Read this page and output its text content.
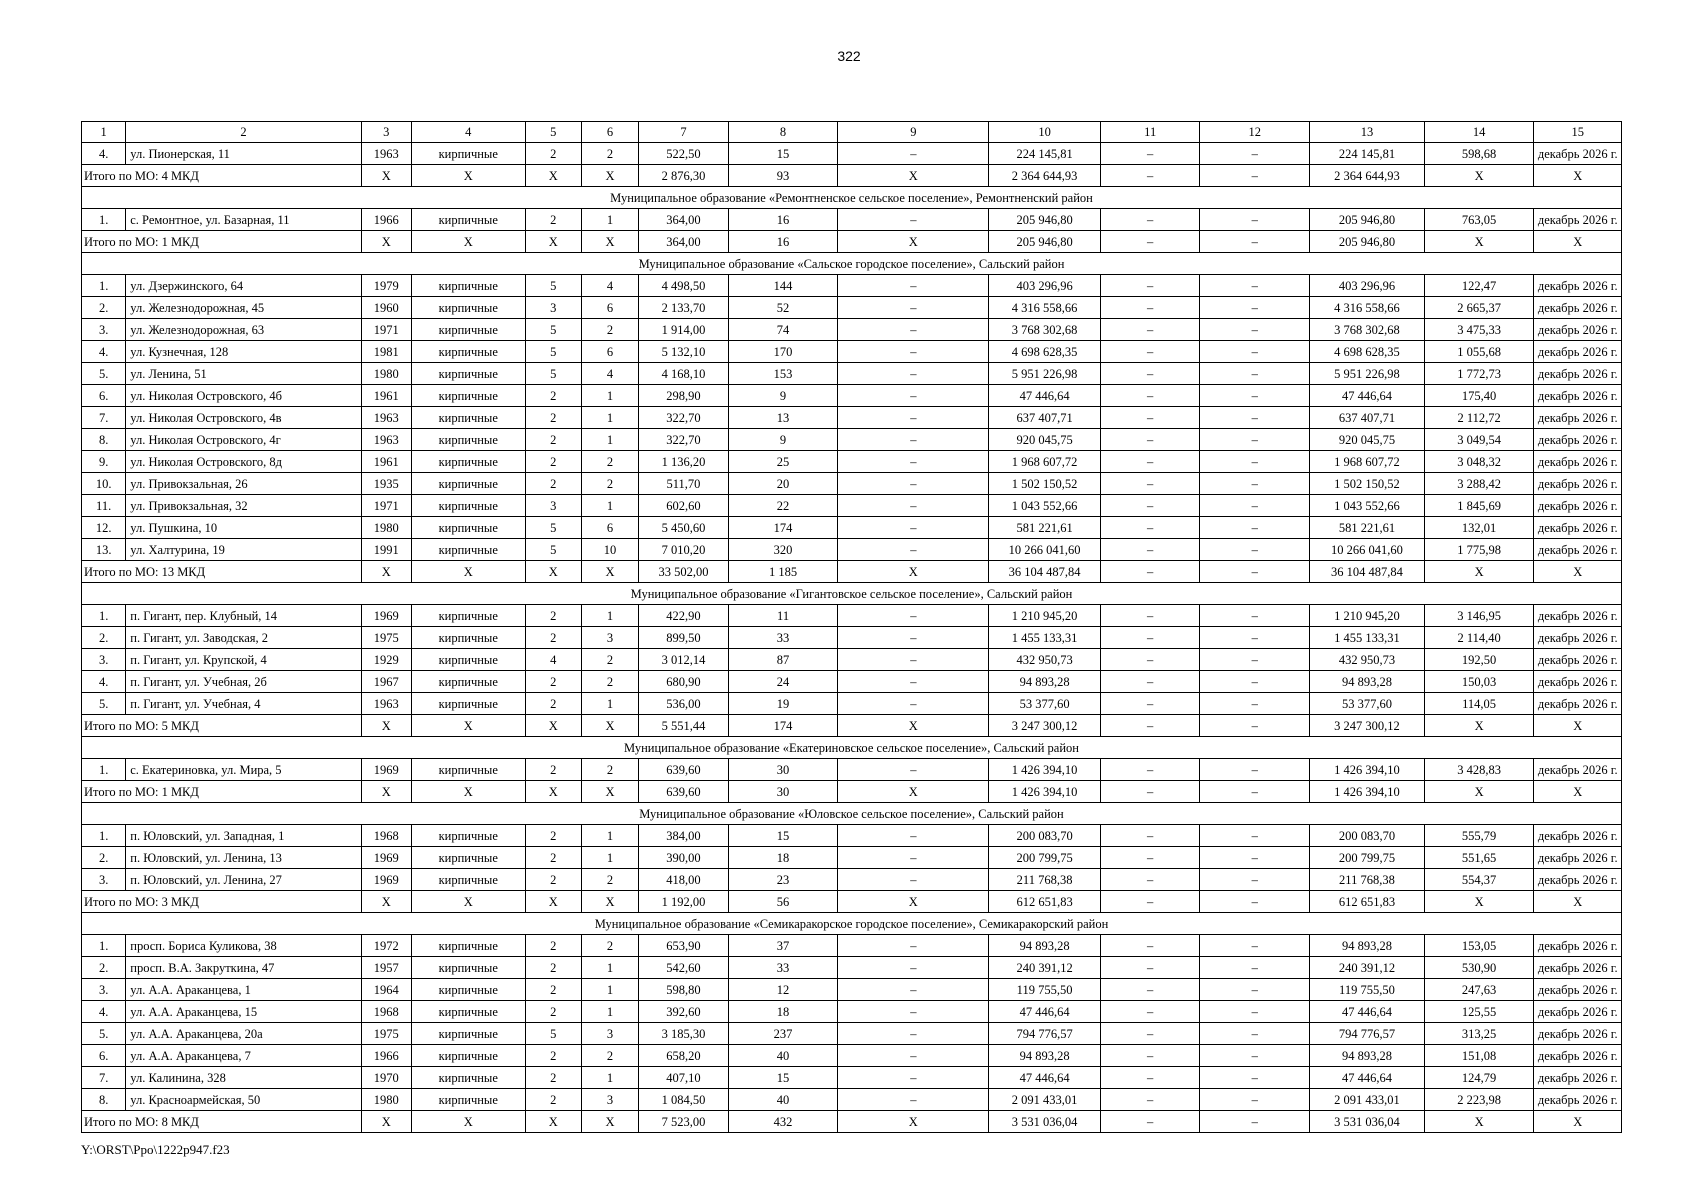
322
1	2	3	4	5	6	7	8	9	10	11	12	13	14	15
4.	ул. Пионерская, 11	1963	кирпичные	2	2	522,50	15	–	224 145,81	–	–	224 145,81	598,68	декабрь 2026 г.
Итого по МО: 4 МКД		X	X	X	X	2 876,30	93	X	2 364 644,93	–	–	2 364 644,93	X	X
Муниципальное образование «Ремонтненское сельское поселение», Ремонтненский район														
1.	с. Ремонтное, ул. Базарная, 11	1966	кирпичные	2	1	364,00	16	–	205 946,80	–	–	205 946,80	763,05	декабрь 2026 г.
Итого по МО: 1 МКД		X	X	X	X	364,00	16	X	205 946,80	–	–	205 946,80	X	X
Муниципальное образование «Сальское городское поселение», Сальский район														
1.	ул. Дзержинского, 64	1979	кирпичные	5	4	4 498,50	144	–	403 296,96	–	–	403 296,96	122,47	декабрь 2026 г.
2.	ул. Железнодорожная, 45	1960	кирпичные	3	6	2 133,70	52	–	4 316 558,66	–	–	4 316 558,66	2 665,37	декабрь 2026 г.
3.	ул. Железнодорожная, 63	1971	кирпичные	5	2	1 914,00	74	–	3 768 302,68	–	–	3 768 302,68	3 475,33	декабрь 2026 г.
4.	ул. Кузнечная, 128	1981	кирпичные	5	6	5 132,10	170	–	4 698 628,35	–	–	4 698 628,35	1 055,68	декабрь 2026 г.
5.	ул. Ленина, 51	1980	кирпичные	5	4	4 168,10	153	–	5 951 226,98	–	–	5 951 226,98	1 772,73	декабрь 2026 г.
6.	ул. Николая Островского, 4б	1961	кирпичные	2	1	298,90	9	–	47 446,64	–	–	47 446,64	175,40	декабрь 2026 г.
7.	ул. Николая Островского, 4в	1963	кирпичные	2	1	322,70	13	–	637 407,71	–	–	637 407,71	2 112,72	декабрь 2026 г.
8.	ул. Николая Островского, 4г	1963	кирпичные	2	1	322,70	9	–	920 045,75	–	–	920 045,75	3 049,54	декабрь 2026 г.
9.	ул. Николая Островского, 8д	1961	кирпичные	2	2	1 136,20	25	–	1 968 607,72	–	–	1 968 607,72	3 048,32	декабрь 2026 г.
10.	ул. Привокзальная, 26	1935	кирпичные	2	2	511,70	20	–	1 502 150,52	–	–	1 502 150,52	3 288,42	декабрь 2026 г.
11.	ул. Привокзальная, 32	1971	кирпичные	3	1	602,60	22	–	1 043 552,66	–	–	1 043 552,66	1 845,69	декабрь 2026 г.
12.	ул. Пушкина, 10	1980	кирпичные	5	6	5 450,60	174	–	581 221,61	–	–	581 221,61	132,01	декабрь 2026 г.
13.	ул. Халтурина, 19	1991	кирпичные	5	10	7 010,20	320	–	10 266 041,60	–	–	10 266 041,60	1 775,98	декабрь 2026 г.
Итого по МО: 13 МКД		X	X	X	X	33 502,00	1 185	X	36 104 487,84	–	–	36 104 487,84	X	X
Муниципальное образование «Гигантовское сельское поселение», Сальский район														
1.	п. Гигант, пер. Клубный, 14	1969	кирпичные	2	1	422,90	11	–	1 210 945,20	–	–	1 210 945,20	3 146,95	декабрь 2026 г.
2.	п. Гигант, ул. Заводская, 2	1975	кирпичные	2	3	899,50	33	–	1 455 133,31	–	–	1 455 133,31	2 114,40	декабрь 2026 г.
3.	п. Гигант, ул. Крупской, 4	1929	кирпичные	4	2	3 012,14	87	–	432 950,73	–	–	432 950,73	192,50	декабрь 2026 г.
4.	п. Гигант, ул. Учебная, 2б	1967	кирпичные	2	2	680,90	24	–	94 893,28	–	–	94 893,28	150,03	декабрь 2026 г.
5.	п. Гигант, ул. Учебная, 4	1963	кирпичные	2	1	536,00	19	–	53 377,60	–	–	53 377,60	114,05	декабрь 2026 г.
Итого по МО: 5 МКД		X	X	X	X	5 551,44	174	X	3 247 300,12	–	–	3 247 300,12	X	X
Муниципальное образование «Екатериновское сельское поселение», Сальский район														
1.	с. Екатериновка, ул. Мира, 5	1969	кирпичные	2	2	639,60	30	–	1 426 394,10	–	–	1 426 394,10	3 428,83	декабрь 2026 г.
Итого по МО: 1 МКД		X	X	X	X	639,60	30	X	1 426 394,10	–	–	1 426 394,10	X	X
Муниципальное образование «Юловское сельское поселение», Сальский район														
1.	п. Юловский, ул. Западная, 1	1968	кирпичные	2	1	384,00	15	–	200 083,70	–	–	200 083,70	555,79	декабрь 2026 г.
2.	п. Юловский, ул. Ленина, 13	1969	кирпичные	2	1	390,00	18	–	200 799,75	–	–	200 799,75	551,65	декабрь 2026 г.
3.	п. Юловский, ул. Ленина, 27	1969	кирпичные	2	2	418,00	23	–	211 768,38	–	–	211 768,38	554,37	декабрь 2026 г.
Итого по МО: 3 МКД		X	X	X	X	1 192,00	56	X	612 651,83	–	–	612 651,83	X	X
Муниципальное образование «Семикаракорское городское поселение», Семикаракорский район														
1.	просп. Бориса Куликова, 38	1972	кирпичные	2	2	653,90	37	–	94 893,28	–	–	94 893,28	153,05	декабрь 2026 г.
2.	просп. В.А. Закруткина, 47	1957	кирпичные	2	1	542,60	33	–	240 391,12	–	–	240 391,12	530,90	декабрь 2026 г.
3.	ул. А.А. Араканцева, 1	1964	кирпичные	2	1	598,80	12	–	119 755,50	–	–	119 755,50	247,63	декабрь 2026 г.
4.	ул. А.А. Араканцева, 15	1968	кирпичные	2	1	392,60	18	–	47 446,64	–	–	47 446,64	125,55	декабрь 2026 г.
5.	ул. А.А. Араканцева, 20а	1975	кирпичные	5	3	3 185,30	237	–	794 776,57	–	–	794 776,57	313,25	декабрь 2026 г.
6.	ул. А.А. Араканцева, 7	1966	кирпичные	2	2	658,20	40	–	94 893,28	–	–	94 893,28	151,08	декабрь 2026 г.
7.	ул. Калинина, 328	1970	кирпичные	2	1	407,10	15	–	47 446,64	–	–	47 446,64	124,79	декабрь 2026 г.
8.	ул. Красноармейская, 50	1980	кирпичные	2	3	1 084,50	40	–	2 091 433,01	–	–	2 091 433,01	2 223,98	декабрь 2026 г.
Итого по МО: 8 МКД		X	X	X	X	7 523,00	432	X	3 531 036,04	–	–	3 531 036,04	X	X
Y:\ORST\Ppo\1222p947.f23
